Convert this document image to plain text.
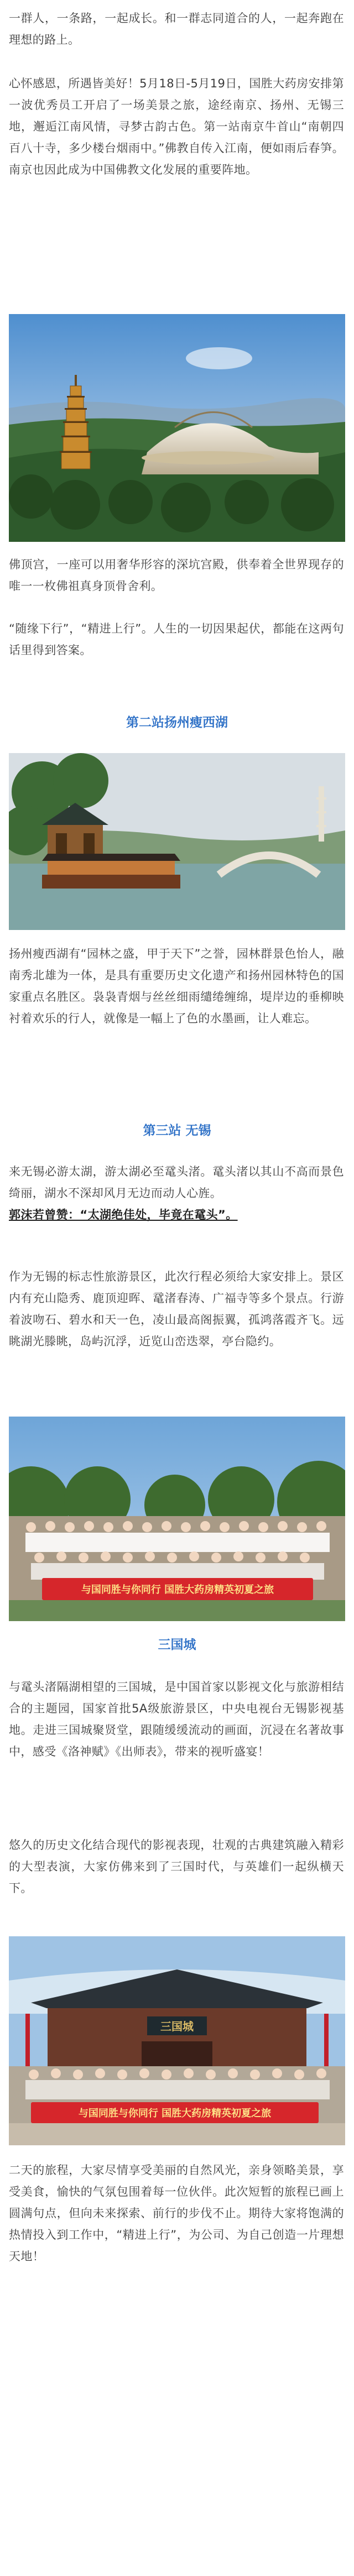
一群人，一条路，一起成长。和一群志同道合的人，一起奔跑在理想的路上。

心怀感恩，所遇皆美好！5月18日-5月19日，国胜大药房安排第一波优秀员工开启了一场美景之旅，途经南京、扬州、无锡三地，邂逅江南风情，寻梦古韵古色。第一站南京牛首山“南朝四百八十寺，多少楼台烟雨中。”佛教自传入江南，便如雨后春笋。南京也因此成为中国佛教文化发展的重要阵地。

佛顶宫，一座可以用奢华形容的深坑宫殿，供奉着全世界现存的唯一一枚佛祖真身顶骨舍利。

“随缘下行”，“精进上行”。人生的一切因果起伏，都能在这两句话里得到答案。

第二站扬州瘦西湖

扬州瘦西湖有“园林之盛，甲于天下”之誉，园林群景色怡人，融南秀北雄为一体，是具有重要历史文化遗产和扬州园林特色的国家重点名胜区。袅袅青烟与丝丝细雨缱绻缠绵，堤岸边的垂柳映衬着欢乐的行人，就像是一幅上了色的水墨画，让人难忘。

第三站 无锡
来无锡必游太湖，游太湖必至鼋头渚。鼋头渚以其山不高而景色绮丽，湖水不深却风月无边而动人心旌。
郭沫若曾赞：“太湖绝佳处，毕竟在鼋头”。

作为无锡的标志性旅游景区，此次行程必须给大家安排上。景区内有充山隐秀、鹿顶迎晖、鼋渚春涛、广福寺等多个景点。行游着波吻石、碧水和天一色，凌山最高阁振翼，孤鸿落霞齐飞。远眺湖光滕眺，岛屿沉浮，近览山峦迭翠，亭台隐约。

与国同胜与你同行 国胜大药房精英初夏之旅
三国城

与鼋头渚隔湖相望的三国城，是中国首家以影视文化与旅游相结合的主题园，国家首批5A级旅游景区，中央电视台无锡影视基地。走进三国城聚贤堂，跟随缓缓流动的画面，沉浸在名著故事中，感受《洛神赋》《出师表》，带来的视听盛宴！

悠久的历史文化结合现代的影视表现，壮观的古典建筑融入精彩的大型表演，大家仿佛来到了三国时代，与英雄们一起纵横天下。

三国城
与国同胜与你同行 国胜大药房精英初夏之旅

二天的旅程，大家尽情享受美丽的自然风光，亲身领略美景，享受美食，愉快的气氛包围着每一位伙伴。此次短暂的旅程已画上圆满句点，但向未来探索、前行的步伐不止。期待大家将饱满的热情投入到工作中，“精进上行”，为公司、为自己创造一片理想天地！
